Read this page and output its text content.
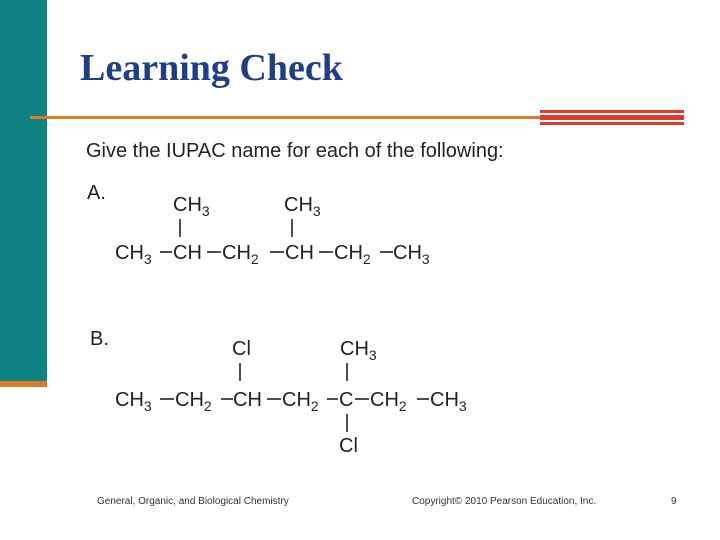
Learning Check
Give the IUPAC name for each of the following:
A.
B.
$CH_3$	$CH_3$
$CH_3$ CH $CH_2$ CH $CH_2$ $CH_3$
Cl	$CH_3$
$CH_3$ $CH_2$ CH $CH_2$ C $CH_2$ $CH_3$
Cl
General, Organic, and Biological Chemistry	Copyright© 2010 Pearson Education, Inc.	9
